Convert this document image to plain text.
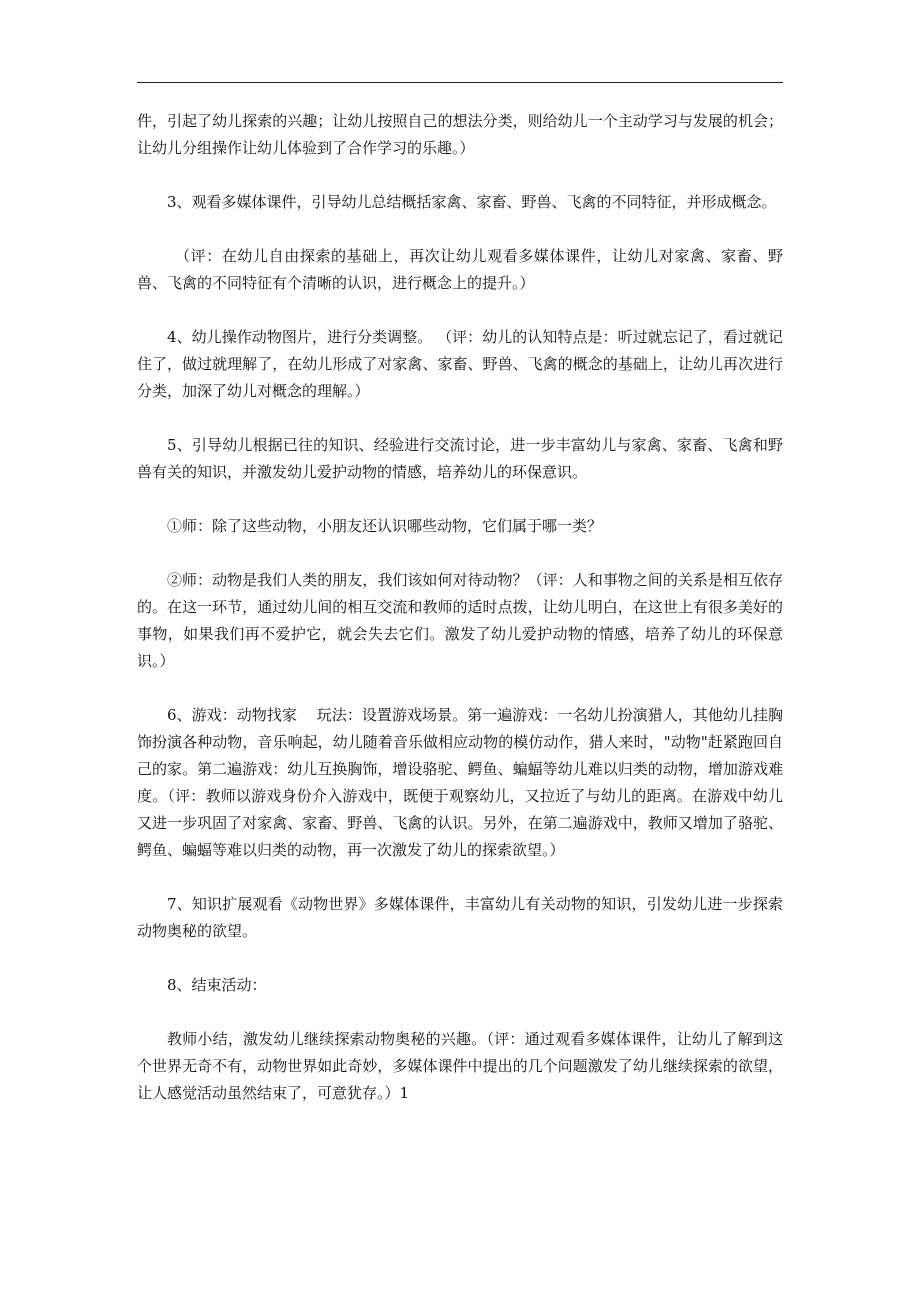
件，引起了幼儿探索的兴趣；让幼儿按照自己的想法分类，则给幼儿一个主动学习与发展的机会；让幼儿分组操作让幼儿体验到了合作学习的乐趣。）

3、观看多媒体课件，引导幼儿总结概括家禽、家畜、野兽、飞禽的不同特征，并形成概念。

（评：在幼儿自由探索的基础上，再次让幼儿观看多媒体课件，让幼儿对家禽、家畜、野兽、飞禽的不同特征有个清晰的认识，进行概念上的提升。）

4、幼儿操作动物图片，进行分类调整。 （评：幼儿的认知特点是：听过就忘记了，看过就记住了，做过就理解了，在幼儿形成了对家禽、家畜、野兽、飞禽的概念的基础上，让幼儿再次进行分类，加深了幼儿对概念的理解。）

5、引导幼儿根据已往的知识、经验进行交流讨论，进一步丰富幼儿与家禽、家畜、飞禽和野兽有关的知识，并激发幼儿爱护动物的情感，培养幼儿的环保意识。

①师：除了这些动物，小朋友还认识哪些动物，它们属于哪一类？

②师：动物是我们人类的朋友，我们该如何对待动物？（评：人和事物之间的关系是相互依存的。在这一环节，通过幼儿间的相互交流和教师的适时点拨，让幼儿明白，在这世上有很多美好的事物，如果我们再不爱护它，就会失去它们。激发了幼儿爱护动物的情感，培养了幼儿的环保意识。）

6、游戏：动物找家　 玩法：设置游戏场景。第一遍游戏：一名幼儿扮演猎人，其他幼儿挂胸饰扮演各种动物，音乐响起，幼儿随着音乐做相应动物的模仿动作，猎人来时，"动物"赶紧跑回自己的家。第二遍游戏：幼儿互换胸饰，增设骆驼、鳄鱼、蝙蝠等幼儿难以归类的动物，增加游戏难度。（评：教师以游戏身份介入游戏中，既便于观察幼儿，又拉近了与幼儿的距离。在游戏中幼儿又进一步巩固了对家禽、家畜、野兽、飞禽的认识。另外，在第二遍游戏中，教师又增加了骆驼、鳄鱼、蝙蝠等难以归类的动物，再一次激发了幼儿的探索欲望。）

7、知识扩展观看《动物世界》多媒体课件，丰富幼儿有关动物的知识，引发幼儿进一步探索动物奥秘的欲望。

8、结束活动：

教师小结，激发幼儿继续探索动物奥秘的兴趣。（评：通过观看多媒体课件，让幼儿了解到这个世界无奇不有，动物世界如此奇妙，多媒体课件中提出的几个问题激发了幼儿继续探索的欲望，让人感觉活动虽然结束了，可意犹存。）1
